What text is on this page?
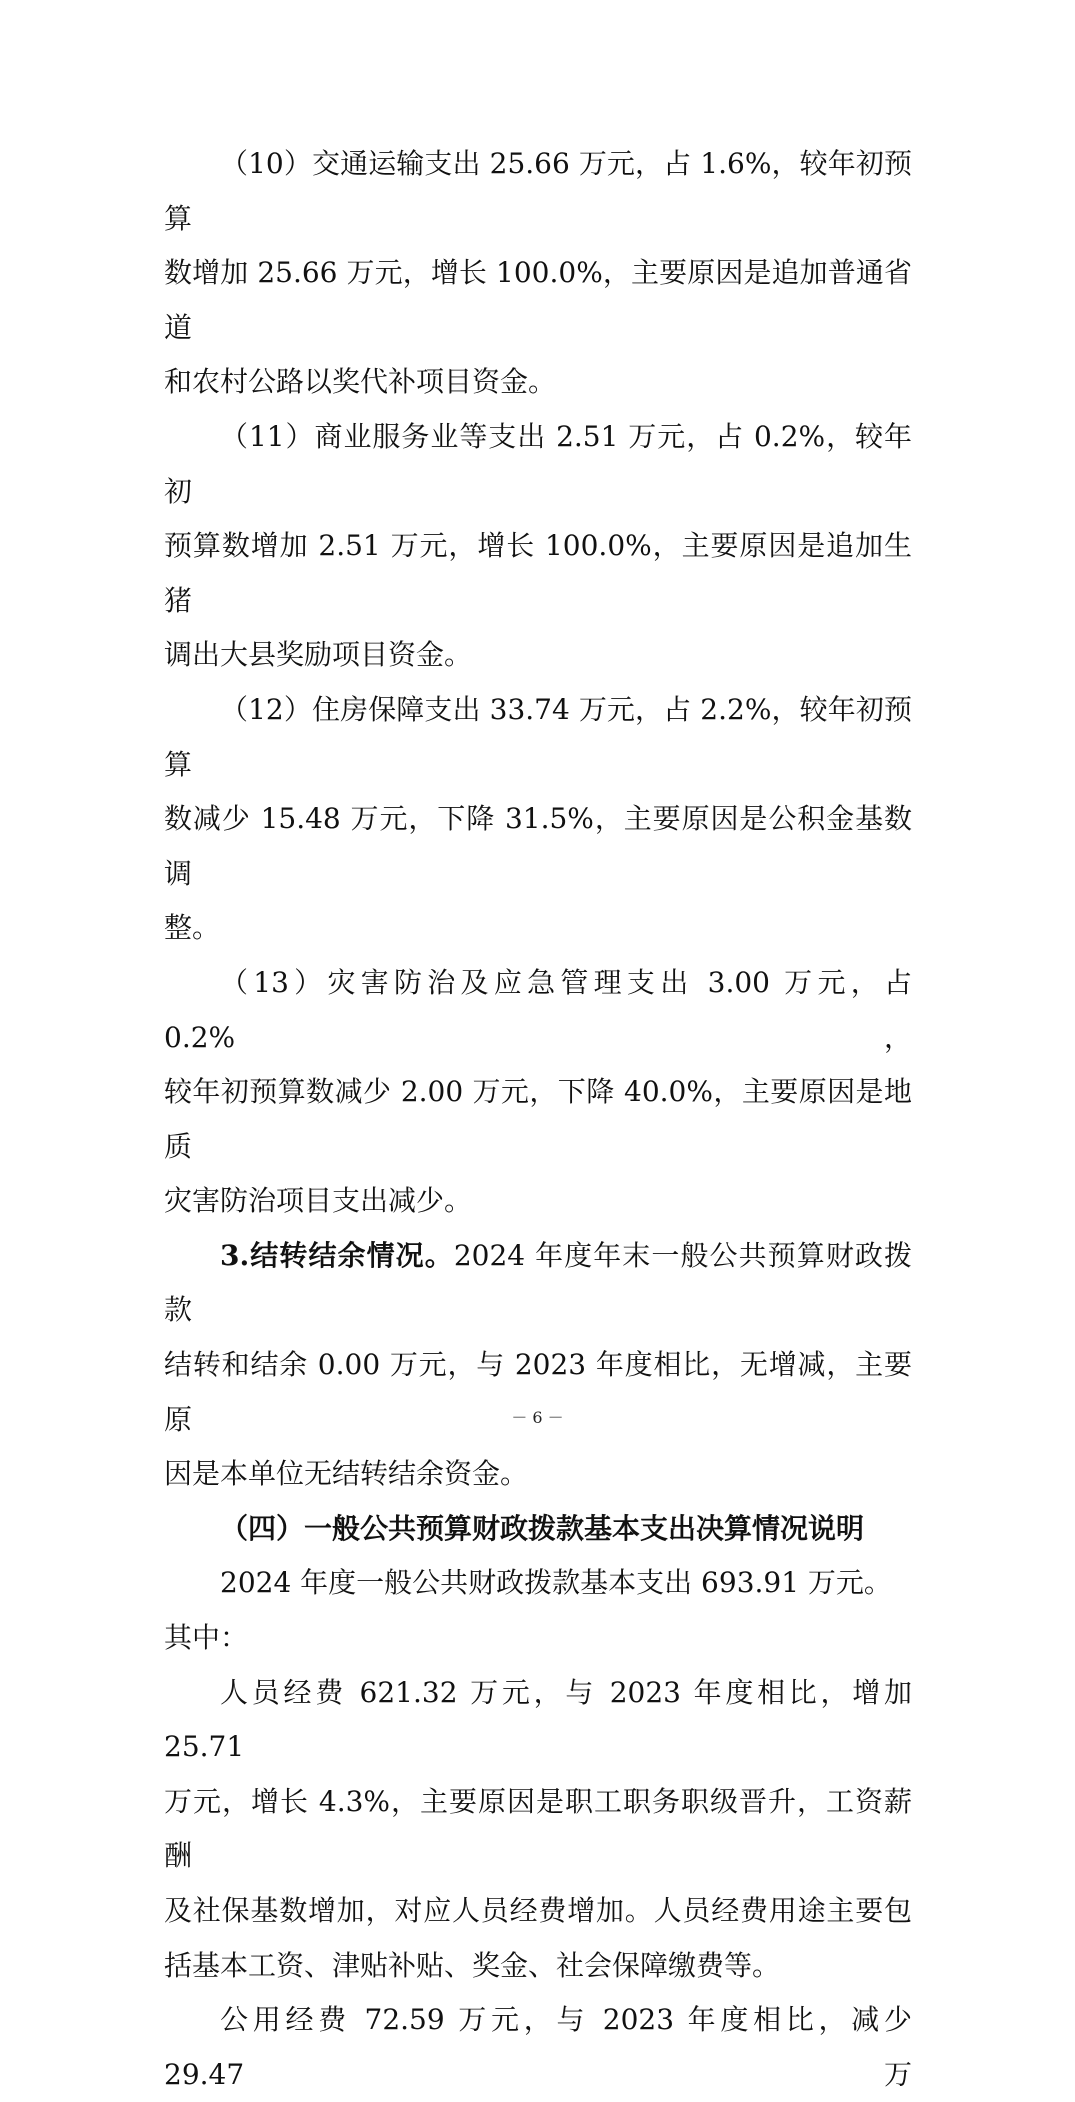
（10）交通运输支出 25.66 万元，占 1.6%，较年初预算

数增加 25.66 万元，增长 100.0%，主要原因是追加普通省道

和农村公路以奖代补项目资金。

（11）商业服务业等支出 2.51 万元，占 0.2%，较年初

预算数增加 2.51 万元，增长 100.0%，主要原因是追加生猪

调出大县奖励项目资金。

（12）住房保障支出 33.74 万元，占 2.2%，较年初预算

数减少 15.48 万元，下降 31.5%，主要原因是公积金基数调

整。

（13）灾害防治及应急管理支出 3.00 万元，占 0.2%，

较年初预算数减少 2.00 万元，下降 40.0%，主要原因是地质

灾害防治项目支出减少。

3.结转结余情况。2024 年度年末一般公共预算财政拨款

结转和结余 0.00 万元，与 2023 年度相比，无增减，主要原

因是本单位无结转结余资金。

（四）一般公共预算财政拨款基本支出决算情况说明

2024 年度一般公共财政拨款基本支出 693.91 万元。

其中：

人员经费 621.32 万元，与 2023 年度相比，增加 25.71

万元，增长 4.3%，主要原因是职工职务职级晋升，工资薪酬

及社保基数增加，对应人员经费增加。人员经费用途主要包

括基本工资、津贴补贴、奖金、社会保障缴费等。

公用经费 72.59 万元，与 2023 年度相比，减少 29.47 万

－ 6 －
